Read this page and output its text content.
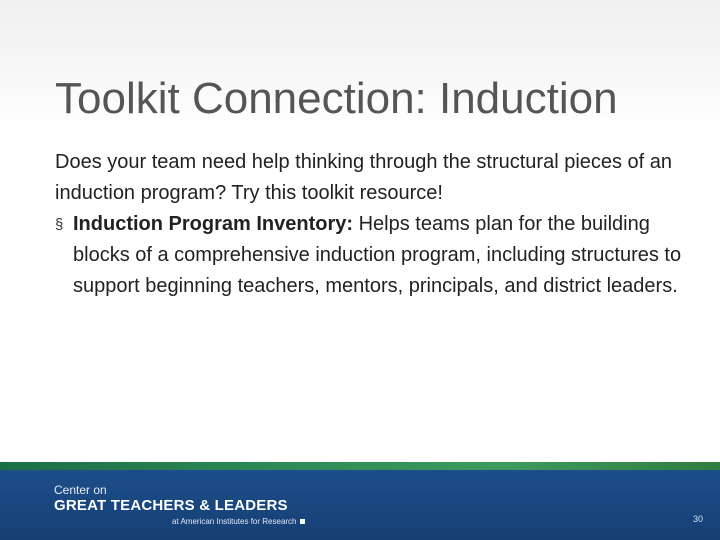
Toolkit Connection: Induction

Does your team need help thinking through the structural pieces of an induction program? Try this toolkit resource!

§ Induction Program Inventory: Helps teams plan for the building blocks of a comprehensive induction program, including structures to support beginning teachers, mentors, principals, and district leaders.

Center on
GREAT TEACHERS & LEADERS
at American Institutes for Research	30
